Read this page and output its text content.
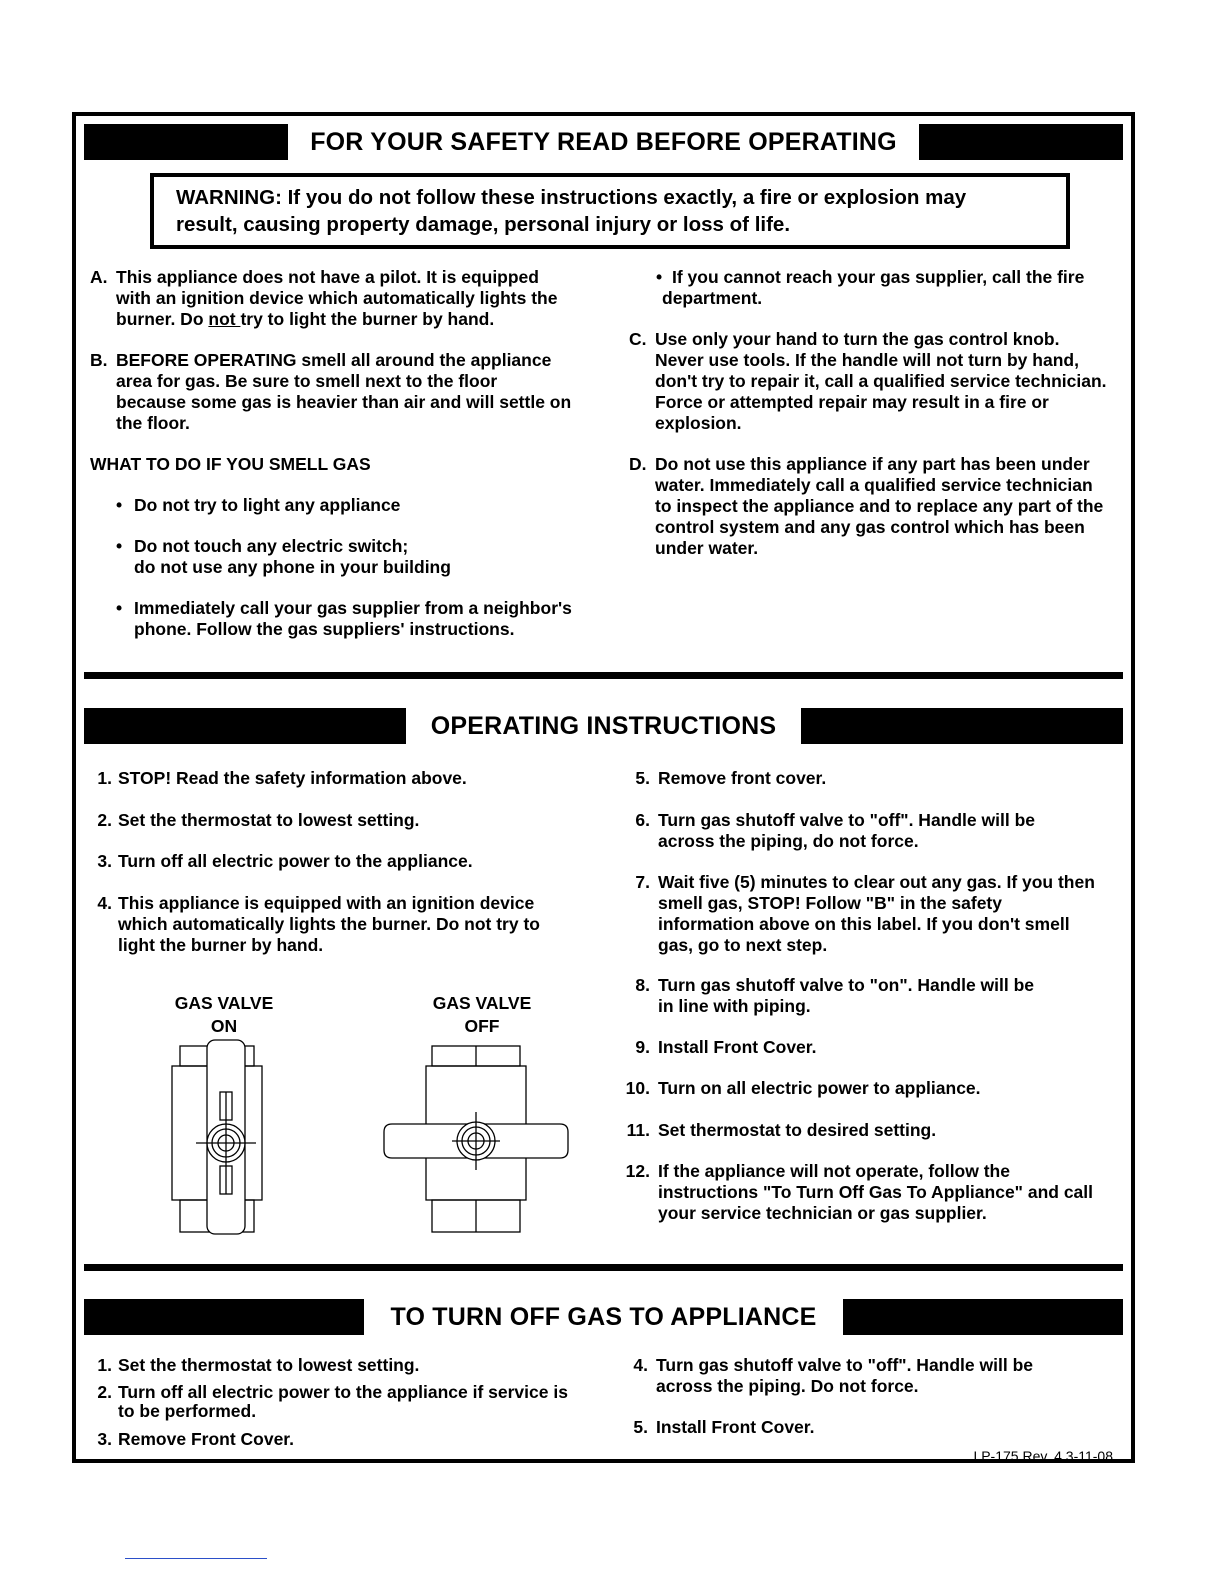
FOR YOUR SAFETY READ BEFORE OPERATING
WARNING: If you do not follow these instructions exactly, a fire or explosion may
result, causing property damage, personal injury or loss of life.
A. This appliance does not have a pilot. It is equipped
with an ignition device which automatically lights the
burner. Do not try to light the burner by hand.
B. BEFORE OPERATING smell all around the appliance
area for gas. Be sure to smell next to the floor
because some gas is heavier than air and will settle on
the floor.
WHAT TO DO IF YOU SMELL GAS
• Do not try to light any appliance
• Do not touch any electric switch;
do not use any phone in your building
• Immediately call your gas supplier from a neighbor's
phone. Follow the gas suppliers' instructions.
• If you cannot reach your gas supplier, call the fire
department.
C. Use only your hand to turn the gas control knob.
Never use tools. If the handle will not turn by hand,
don't try to repair it, call a qualified service technician.
Force or attempted repair may result in a fire or
explosion.
D. Do not use this appliance if any part has been under
water. Immediately call a qualified service technician
to inspect the appliance and to replace any part of the
control system and any gas control which has been
under water.
OPERATING INSTRUCTIONS
1. STOP! Read the safety information above.
2. Set the thermostat to lowest setting.
3. Turn off all electric power to the appliance.
4. This appliance is equipped with an ignition device
which automatically lights the burner. Do not try to
light the burner by hand.
GAS VALVE
ON
GAS VALVE
OFF
5. Remove front cover.
6. Turn gas shutoff valve to "off". Handle will be
across the piping, do not force.
7. Wait five (5) minutes to clear out any gas. If you then
smell gas, STOP! Follow "B" in the safety
information above on this label. If you don't smell
gas, go to next step.
8. Turn gas shutoff valve to "on". Handle will be
in line with piping.
9. Install Front Cover.
10. Turn on all electric power to appliance.
11. Set thermostat to desired setting.
12. If the appliance will not operate, follow the
instructions "To Turn Off Gas To Appliance" and call
your service technician or gas supplier.
TO TURN OFF GAS TO APPLIANCE
1. Set the thermostat to lowest setting.
2. Turn off all electric power to the appliance if service is
to be performed.
3. Remove Front Cover.
4. Turn gas shutoff valve to "off". Handle will be
across the piping. Do not force.
5. Install Front Cover.
LP-175 Rev. 4 3-11-08
